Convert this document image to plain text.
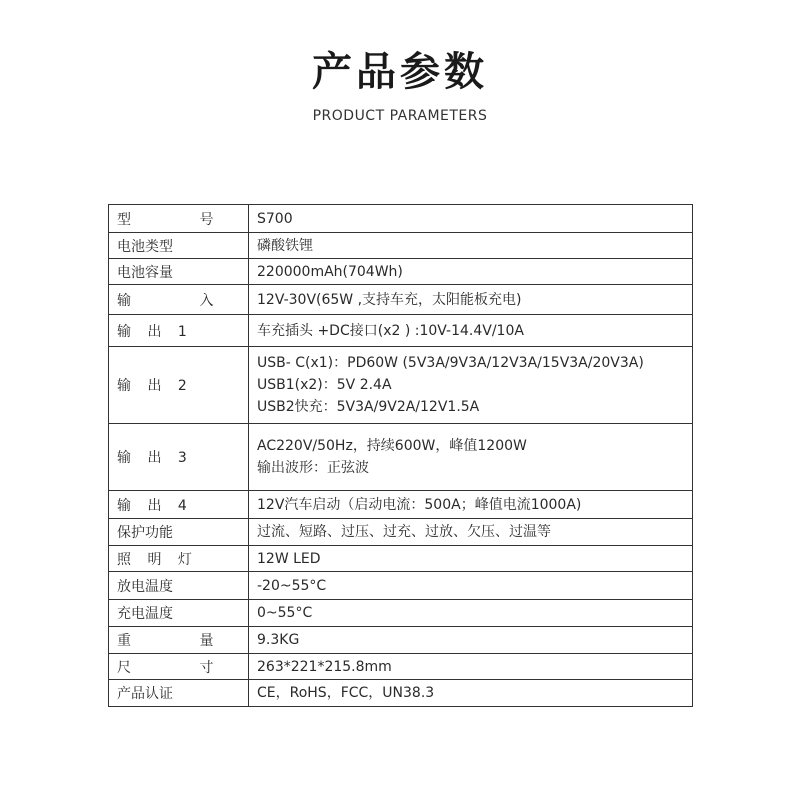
产品参数
PRODUCT PARAMETERS
型 号	S700

电池类型	磷酸铁锂

电池容量	220000mAh(704Wh)

输 入	12V-30V(65W ,支持车充，太阳能板充电)

输 出 1	车充插头 +DC接口(x2 ) :10V-14.4V/10A

输 出 2	USB- C(x1)：PD60W (5V3A/9V3A/12V3A/15V3A/20V3A)
USB1(x2)：5V 2.4A
USB2快充：5V3A/9V2A/12V1.5A

输 出 3	AC220V/50Hz，持续600W，峰值1200W
输出波形：正弦波

输 出 4	12V汽车启动（启动电流：500A；峰值电流1000A)

保护功能	过流、短路、过压、过充、过放、欠压、过温等

照 明 灯	12W LED

放电温度	-20~55°C

充电温度	0~55°C

重 量	9.3KG

尺 寸	263*221*215.8mm

产品认证	CE，RoHS，FCC，UN38.3
